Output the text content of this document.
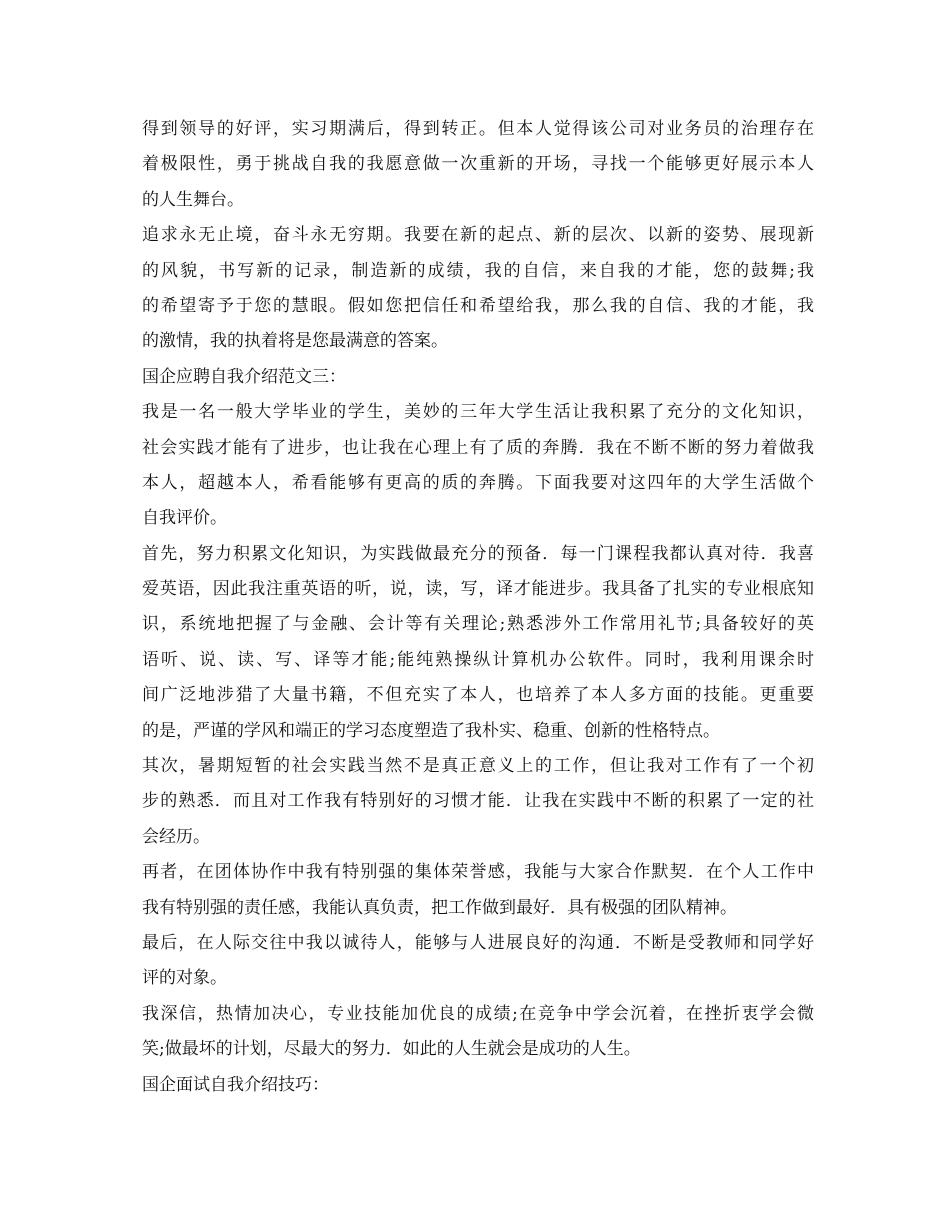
得到领导的好评，实习期满后，得到转正。但本人觉得该公司对业务员的治理存在
着极限性，勇于挑战自我的我愿意做一次重新的开场，寻找一个能够更好展示本人
的人生舞台。
追求永无止境，奋斗永无穷期。我要在新的起点、新的层次、以新的姿势、展现新
的风貌，书写新的记录，制造新的成绩，我的自信，来自我的才能，您的鼓舞;我
的希望寄予于您的慧眼。假如您把信任和希望给我，那么我的自信、我的才能，我
的激情，我的执着将是您最满意的答案。
国企应聘自我介绍范文三：
我是一名一般大学毕业的学生，美妙的三年大学生活让我积累了充分的文化知识，
社会实践才能有了进步，也让我在心理上有了质的奔腾．我在不断不断的努力着做我
本人，超越本人，希看能够有更高的质的奔腾。下面我要对这四年的大学生活做个
自我评价。
首先，努力积累文化知识，为实践做最充分的预备．每一门课程我都认真对待．我喜
爱英语，因此我注重英语的听，说，读，写，译才能进步。我具备了扎实的专业根底知
识，系统地把握了与金融、会计等有关理论;熟悉涉外工作常用礼节;具备较好的英
语听、说、读、写、译等才能;能纯熟操纵计算机办公软件。同时，我利用课余时
间广泛地涉猎了大量书籍，不但充实了本人，也培养了本人多方面的技能。更重要
的是，严谨的学风和端正的学习态度塑造了我朴实、稳重、创新的性格特点。
其次，暑期短暂的社会实践当然不是真正意义上的工作，但让我对工作有了一个初
步的熟悉．而且对工作我有特别好的习惯才能．让我在实践中不断的积累了一定的社
会经历。
再者，在团体协作中我有特别强的集体荣誉感，我能与大家合作默契．在个人工作中
我有特别强的责任感，我能认真负责，把工作做到最好．具有极强的团队精神。
最后，在人际交往中我以诚待人，能够与人进展良好的沟通．不断是受教师和同学好
评的对象。
我深信，热情加决心，专业技能加优良的成绩;在竞争中学会沉着，在挫折衷学会微
笑;做最坏的计划，尽最大的努力．如此的人生就会是成功的人生。
国企面试自我介绍技巧：
